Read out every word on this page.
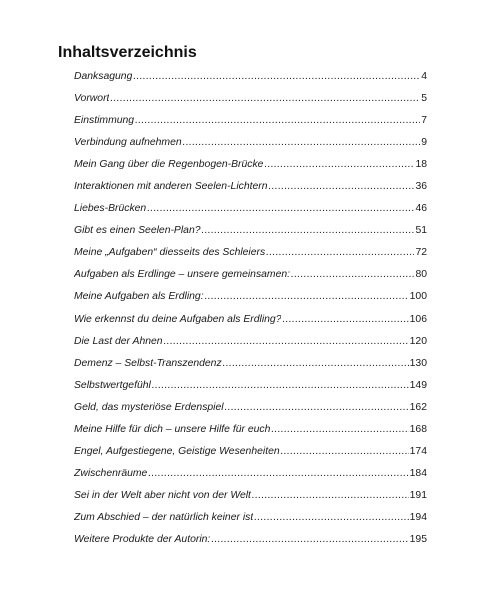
Inhaltsverzeichnis
Danksagung .....	4
Vorwort .....	5
Einstimmung .....	7
Verbindung aufnehmen .....	9
Mein Gang über die Regenbogen-Brücke .....	18
Interaktionen mit anderen Seelen-Lichtern .....	36
Liebes-Brücken .....	46
Gibt es einen Seelen-Plan? .....	51
Meine „Aufgaben“ diesseits des Schleiers .....	72
Aufgaben als Erdlinge – unsere gemeinsamen: .....	80
Meine Aufgaben als Erdling: .....	100
Wie erkennst du deine Aufgaben als Erdling? .....	106
Die Last der Ahnen .....	120
Demenz – Selbst-Transzendenz .....	130
Selbstwertgefühl .....	149
Geld, das mysteriöse Erdenspiel .....	162
Meine Hilfe für dich – unsere Hilfe für euch .....	168
Engel, Aufgestiegene, Geistige Wesenheiten .....	174
Zwischenräume .....	184
Sei in der Welt aber nicht von der Welt .....	191
Zum Abschied – der natürlich keiner ist .....	194
Weitere Produkte der Autorin: .....	195
